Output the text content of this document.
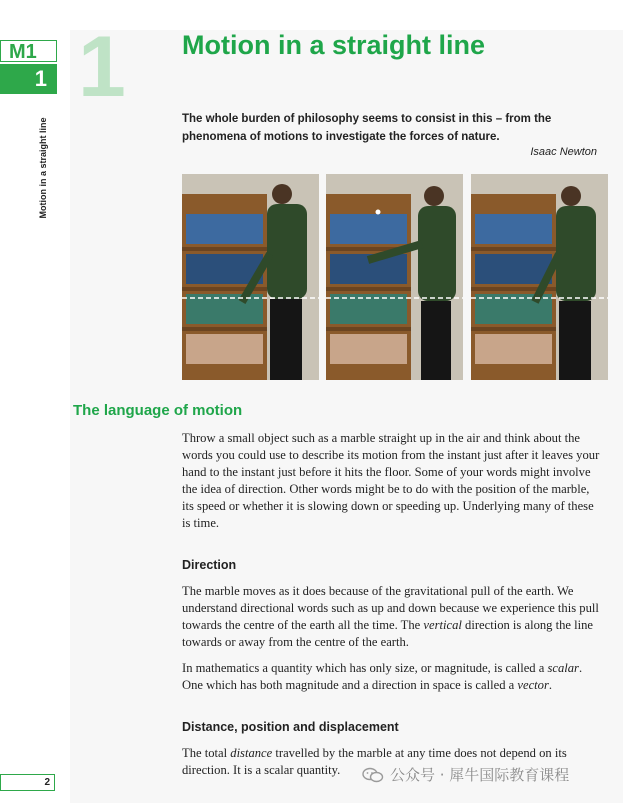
M1
1
Motion in a straight line
1 Motion in a straight line

The whole burden of philosophy seems to consist in this – from the phenomena of motions to investigate the forces of nature.

Isaac Newton
The language of motion

Throw a small object such as a marble straight up in the air and think about the words you could use to describe its motion from the instant just after it leaves your hand to the instant just before it hits the floor. Some of your words might involve the idea of direction. Other words might be to do with the position of the marble, its speed or whether it is slowing down or speeding up. Underlying many of these is time.

Direction

The marble moves as it does because of the gravitational pull of the earth. We understand directional words such as up and down because we experience this pull towards the centre of the earth all the time. The vertical direction is along the line towards or away from the centre of the earth.

In mathematics a quantity which has only size, or magnitude, is called a scalar. One which has both magnitude and a direction in space is called a vector.

Distance, position and displacement

The total distance travelled by the marble at any time does not depend on its direction. It is a scalar quantity.

2	公众号 · 犀牛国际教育课程
